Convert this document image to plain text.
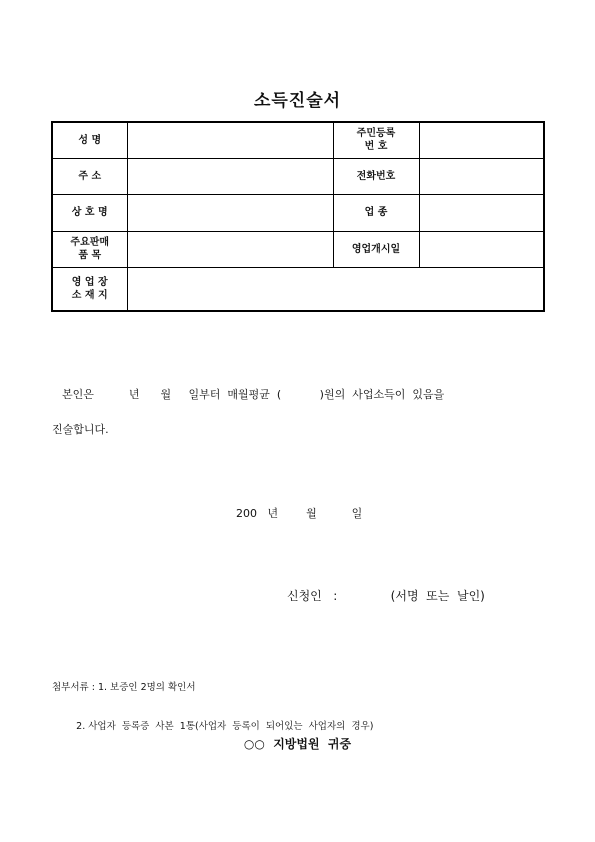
소득진술서
성 명		주민등록
번 호	

주 소		전화번호	
상 호 명		업 종	

주요판매
품 목		영업개시일	

영 업 장
소 재 지			

본인은          년      월     일부터  매월평균  (           )원의  사업소득이  있음을
진술합니다.
200   년        월          일
신청인   :              (서명  또는  날인)

첨부서류 : 1. 보증인 2명의 확인서

2. 사업자  등록증  사본  1통(사업자  등록이  되어있는  사업자의  경우)

○○  지방법원  귀중
